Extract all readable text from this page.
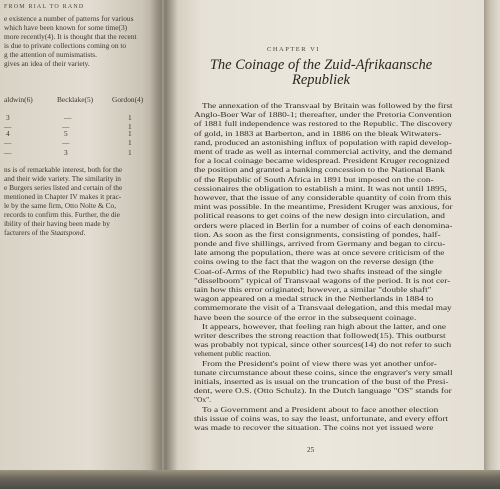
FROM RIAL TO RAND
e existence a number of patterns for various
which have been known for some time(3)
more recently(4). It is thought that the recent
is due to private collections coming on to
g the attention of numismatists.
gives an idea of their variety.
aldwin(6)	Becklake(5)	Gordon(4)
3	—	1
—	—	1
4	5	1
—	—	1
—	3	1
ns is of remarkable interest, both for the
and their wide variety. The similarity in
e Burgers series listed and certain of the
mentioned in Chapter IV makes it prac-
le by the same firm, Otto Nolte & Co,
records to confirm this. Further, the die
ibility of their having been made by
facturers of the Staatspond.
CHAPTER VI
The Coinage of the Zuid-Afrikaansche
Republiek
The annexation of the Transvaal by Britain was followed by the first
Anglo-Boer War of 1880-1; thereafter, under the Pretoria Convention
of 1881 full independence was restored to the Republic. The discovery
of gold, in 1883 at Barberton, and in 1886 on the bleak Witwaters-
rand, produced an astonishing influx of population with rapid develop-
ment of trade as well as internal commercial activity, and the demand
for a local coinage became widespread. President Kruger recognized
the position and granted a banking concession to the National Bank
of the Republic of South Africa in 1891 but imposed on the con-
cessionaires the obligation to establish a mint. It was not until 1895,
however, that the issue of any considerable quantity of coin from this
mint was possible. In the meantime, President Kruger was anxious, for
political reasons to get coins of the new design into circulation, and
orders were placed in Berlin for a number of coins of each denomina-
tion. As soon as the first consignments, consisting of pondes, half-
ponde and five shillings, arrived from Germany and began to circu-
late among the population, there was at once severe criticism of the
coins owing to the fact that the wagon on the reverse design (the
Coat-of-Arms of the Republic) had two shafts instead of the single
"disselboom" typical of Transvaal wagons of the period. It is not cer-
tain how this error originated; however, a similar "double shaft"
wagon appeared on a medal struck in the Netherlands in 1884 to
commemorate the visit of a Transvaal delegation, and this medal may
have been the source of the error in the subsequent coinage.
It appears, however, that feeling ran high about the latter, and one
writer describes the strong reaction that followed(15). This outburst
was probably not typical, since other sources(14) do not refer to such
vehement public reaction.
From the President's point of view there was yet another unfor-
tunate circumstance about these coins, since the engraver's very small
initials, inserted as is usual on the truncation of the bust of the Presi-
dent, were O.S. (Otto Schulz). In the Dutch language "OS" stands for
"Ox".
To a Government and a President about to face another election
this issue of coins was, to say the least, unfortunate, and every effort
was made to recover the situation. The coins not yet issued were
25
